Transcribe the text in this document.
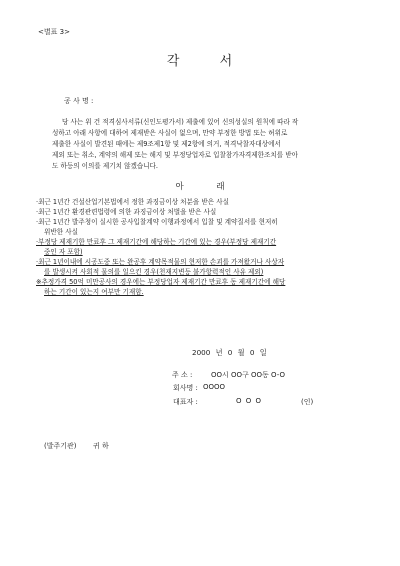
<별표 3>
각 서
공 사 명 :

당 사는 위 건 적격심사서류(신인도평가서) 제출에 있어 신의성실의 원칙에 따라 작

성하고 아래 사항에 대하여 제재받은 사실이 없으며, 만약 부정한 방법 또는 허위로

제출한 사실이 발견된 때에는 제9조제1항 및 제2항에 의거, 적격낙찰자대상에서

제외 또는 취소, 계약의 해제 또는 해지 및 부정당업자로 입찰참가자격제한조치를 받아

도 하등의 이의를 제기치 않겠습니다.

아 래
·최근 1년간 건설산업기본법에서 정한 과징금이상 처분을 받은 사실
·최근 1년간 환경관련법령에 의한 과징금이상 처벌을 받은 사실
·최근 1년간 발주청이 실시한 공사입찰계약 이행과정에서 입찰 및 계약질서를 현저히
위반한 사실
·부정당 제재기한 만료후 그 제재기간에 해당하는 기간에 있는 경우(부정당 제재기간
중인 자 포함)
·최근 1년이내에 시공도중 또는 완공후 계약목적물의 현저한 손괴를 가져왔거나 사상자
를 발생시켜 사회적 물의를 일으킨 경우(천재지변등 불가항력적인 사유 제외)
※추정가격 50억 미만공사의 경우에는 부정당업자 제재기간 만료후 동 제재기간에 해당
하는 기간이 있는지 여부만 기재함.
2000 년 0 월 0 일
주 소 :	OO시 OO구 OO동 O-O
회사명 : OOOO
대표자 :	O O O	(인)
(발주기관) 귀 하
